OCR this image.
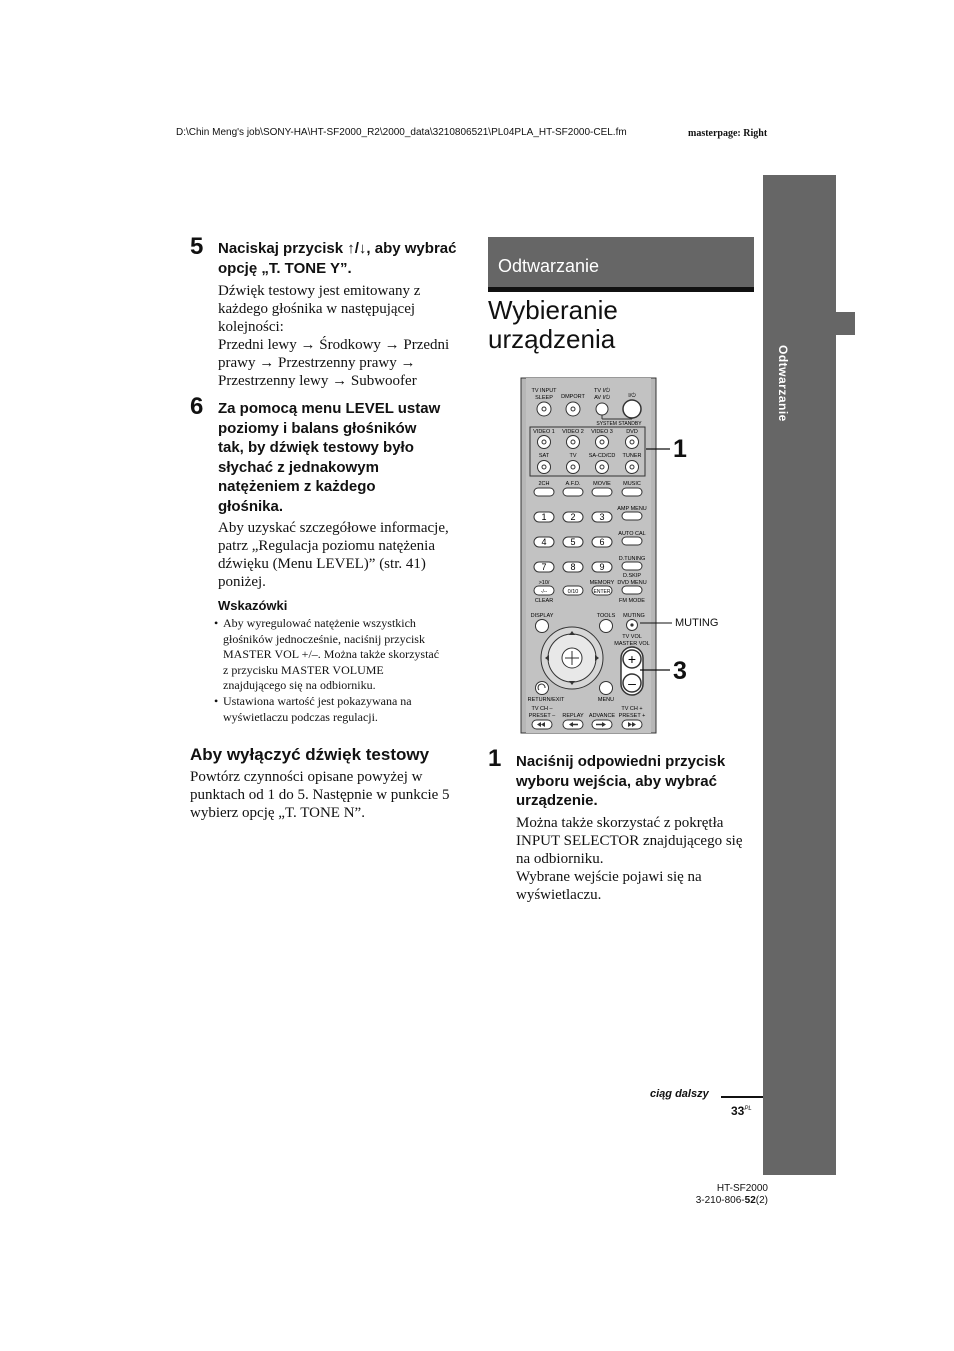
D:\Chin Meng's job\SONY-HA\HT-SF2000_R2\2000_data\3210806521\PL04PLA_HT-SF2000-CEL.fm	masterpage: Right
Odtwarzanie
5 Naciskaj przycisk ↑/↓, aby wybrać opcję „T. TONE Y”.
Dźwięk testowy jest emitowany z
każdego głośnika w następującej
kolejności:
Przedni lewy → Środkowy → Przedni
prawy → Przestrzenny prawy →
Przestrzenny lewy → Subwoofer
6 Za pomocą menu LEVEL ustaw
poziomy i balans głośników
tak, by dźwięk testowy było
słychać z jednakowym
natężeniem z każdego
głośnika.
Aby uzyskać szczegółowe informacje,
patrz „Regulacja poziomu natężenia
dźwięku (Menu LEVEL)” (str. 41)
poniżej.
Wskazówki
• Aby wyregulować natężenie wszystkich
głośników jednocześnie, naciśnij przycisk
MASTER VOL +/–. Można także skorzystać
z przycisku MASTER VOLUME
znajdującego się na odbiorniku.
• Ustawiona wartość jest pokazywana na
wyświetlaczu podczas regulacji.
Aby wyłączyć dźwięk testowy
Powtórz czynności opisane powyżej w
punktach od 1 do 5. Następnie w punkcie 5
wybierz opcję „T. TONE N”.
Odtwarzanie
Wybieranie
urządzenia
TV INPUT
SLEEP DMPORT
TV I/⏻
AV I/⏻	I/⏻
SYSTEM STANDBY
VIDEO 1 VIDEO 2 VIDEO 3 DVD
SAT	TV SA-CD/CD TUNER
2CH	A.F.D. MOVIE MUSIC
AMP MENU
1	2	3
AUTO CAL
4	5	6
D.TUNING
7	8	9
D.SKIP
DVD MENU
>10/	MEMORY
-/--	0/10	ENTER
CLEAR	FM MODE
DISPLAY	TOOLS MUTING
TV VOL
MASTER VOL
+
–
RETURN/EXIT	MENU
TV CH –
PRESET – REPLAY ADVANCE
TV CH +
PRESET +
1
MUTING
3
1 Naciśnij odpowiedni przycisk
wyboru wejścia, aby wybrać
urządzenie.
Można także skorzystać z pokrętła
INPUT SELECTOR znajdującego się
na odbiorniku.
Wybrane wejście pojawi się na
wyświetlaczu.
ciąg dalszy
$33^{PL}$
HT-SF2000
3-210-806-52(2)
